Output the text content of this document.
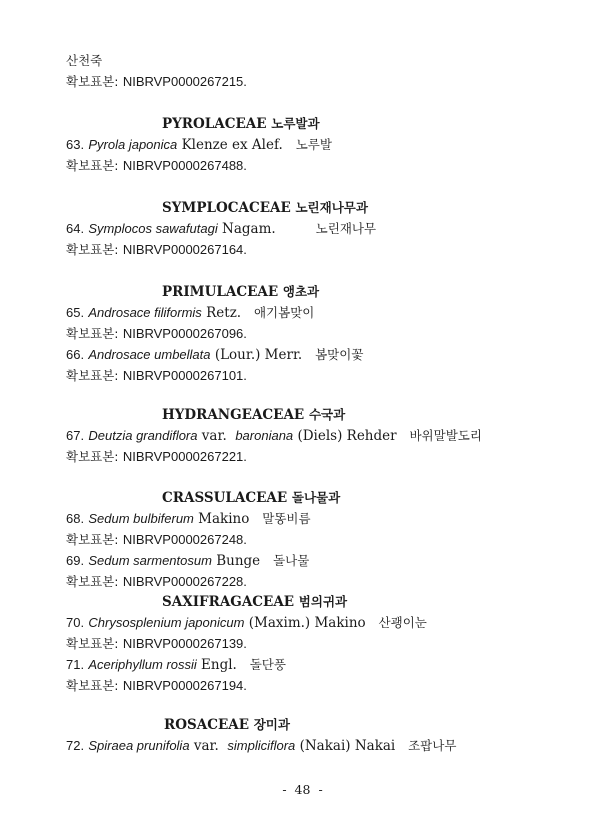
산천죽
확보표본: NIBRVP0000267215.
PYROLACEAE 노루발과
63. Pyrola japonica Klenze ex Alef. 노루발
확보표본: NIBRVP0000267488.
SYMPLOCACEAE 노린재나무과
64. Symplocos sawafutagi Nagam.	노린재나무
확보표본: NIBRVP0000267164.
PRIMULACEAE 앵초과
65. Androsace filiformis Retz. 애기봄맞이
확보표본: NIBRVP0000267096.
66. Androsace umbellata (Lour.) Merr. 봄맞이꽃
확보표본: NIBRVP0000267101.
HYDRANGEACEAE 수국과
67. Deutzia grandiflora var. baroniana (Diels) Rehder 바위말발도리
확보표본: NIBRVP0000267221.
CRASSULACEAE 돌나물과
68. Sedum bulbiferum Makino 말똥비름
확보표본: NIBRVP0000267248.
69. Sedum sarmentosum Bunge 돌나물
확보표본: NIBRVP0000267228.
SAXIFRAGACEAE 범의귀과
70. Chrysosplenium japonicum (Maxim.) Makino 산괭이눈
확보표본: NIBRVP0000267139.
71. Aceriphyllum rossii Engl. 돌단풍
확보표본: NIBRVP0000267194.
ROSACEAE 장미과
72. Spiraea prunifolia var. simpliciflora (Nakai) Nakai 조팝나무
- 48 -
